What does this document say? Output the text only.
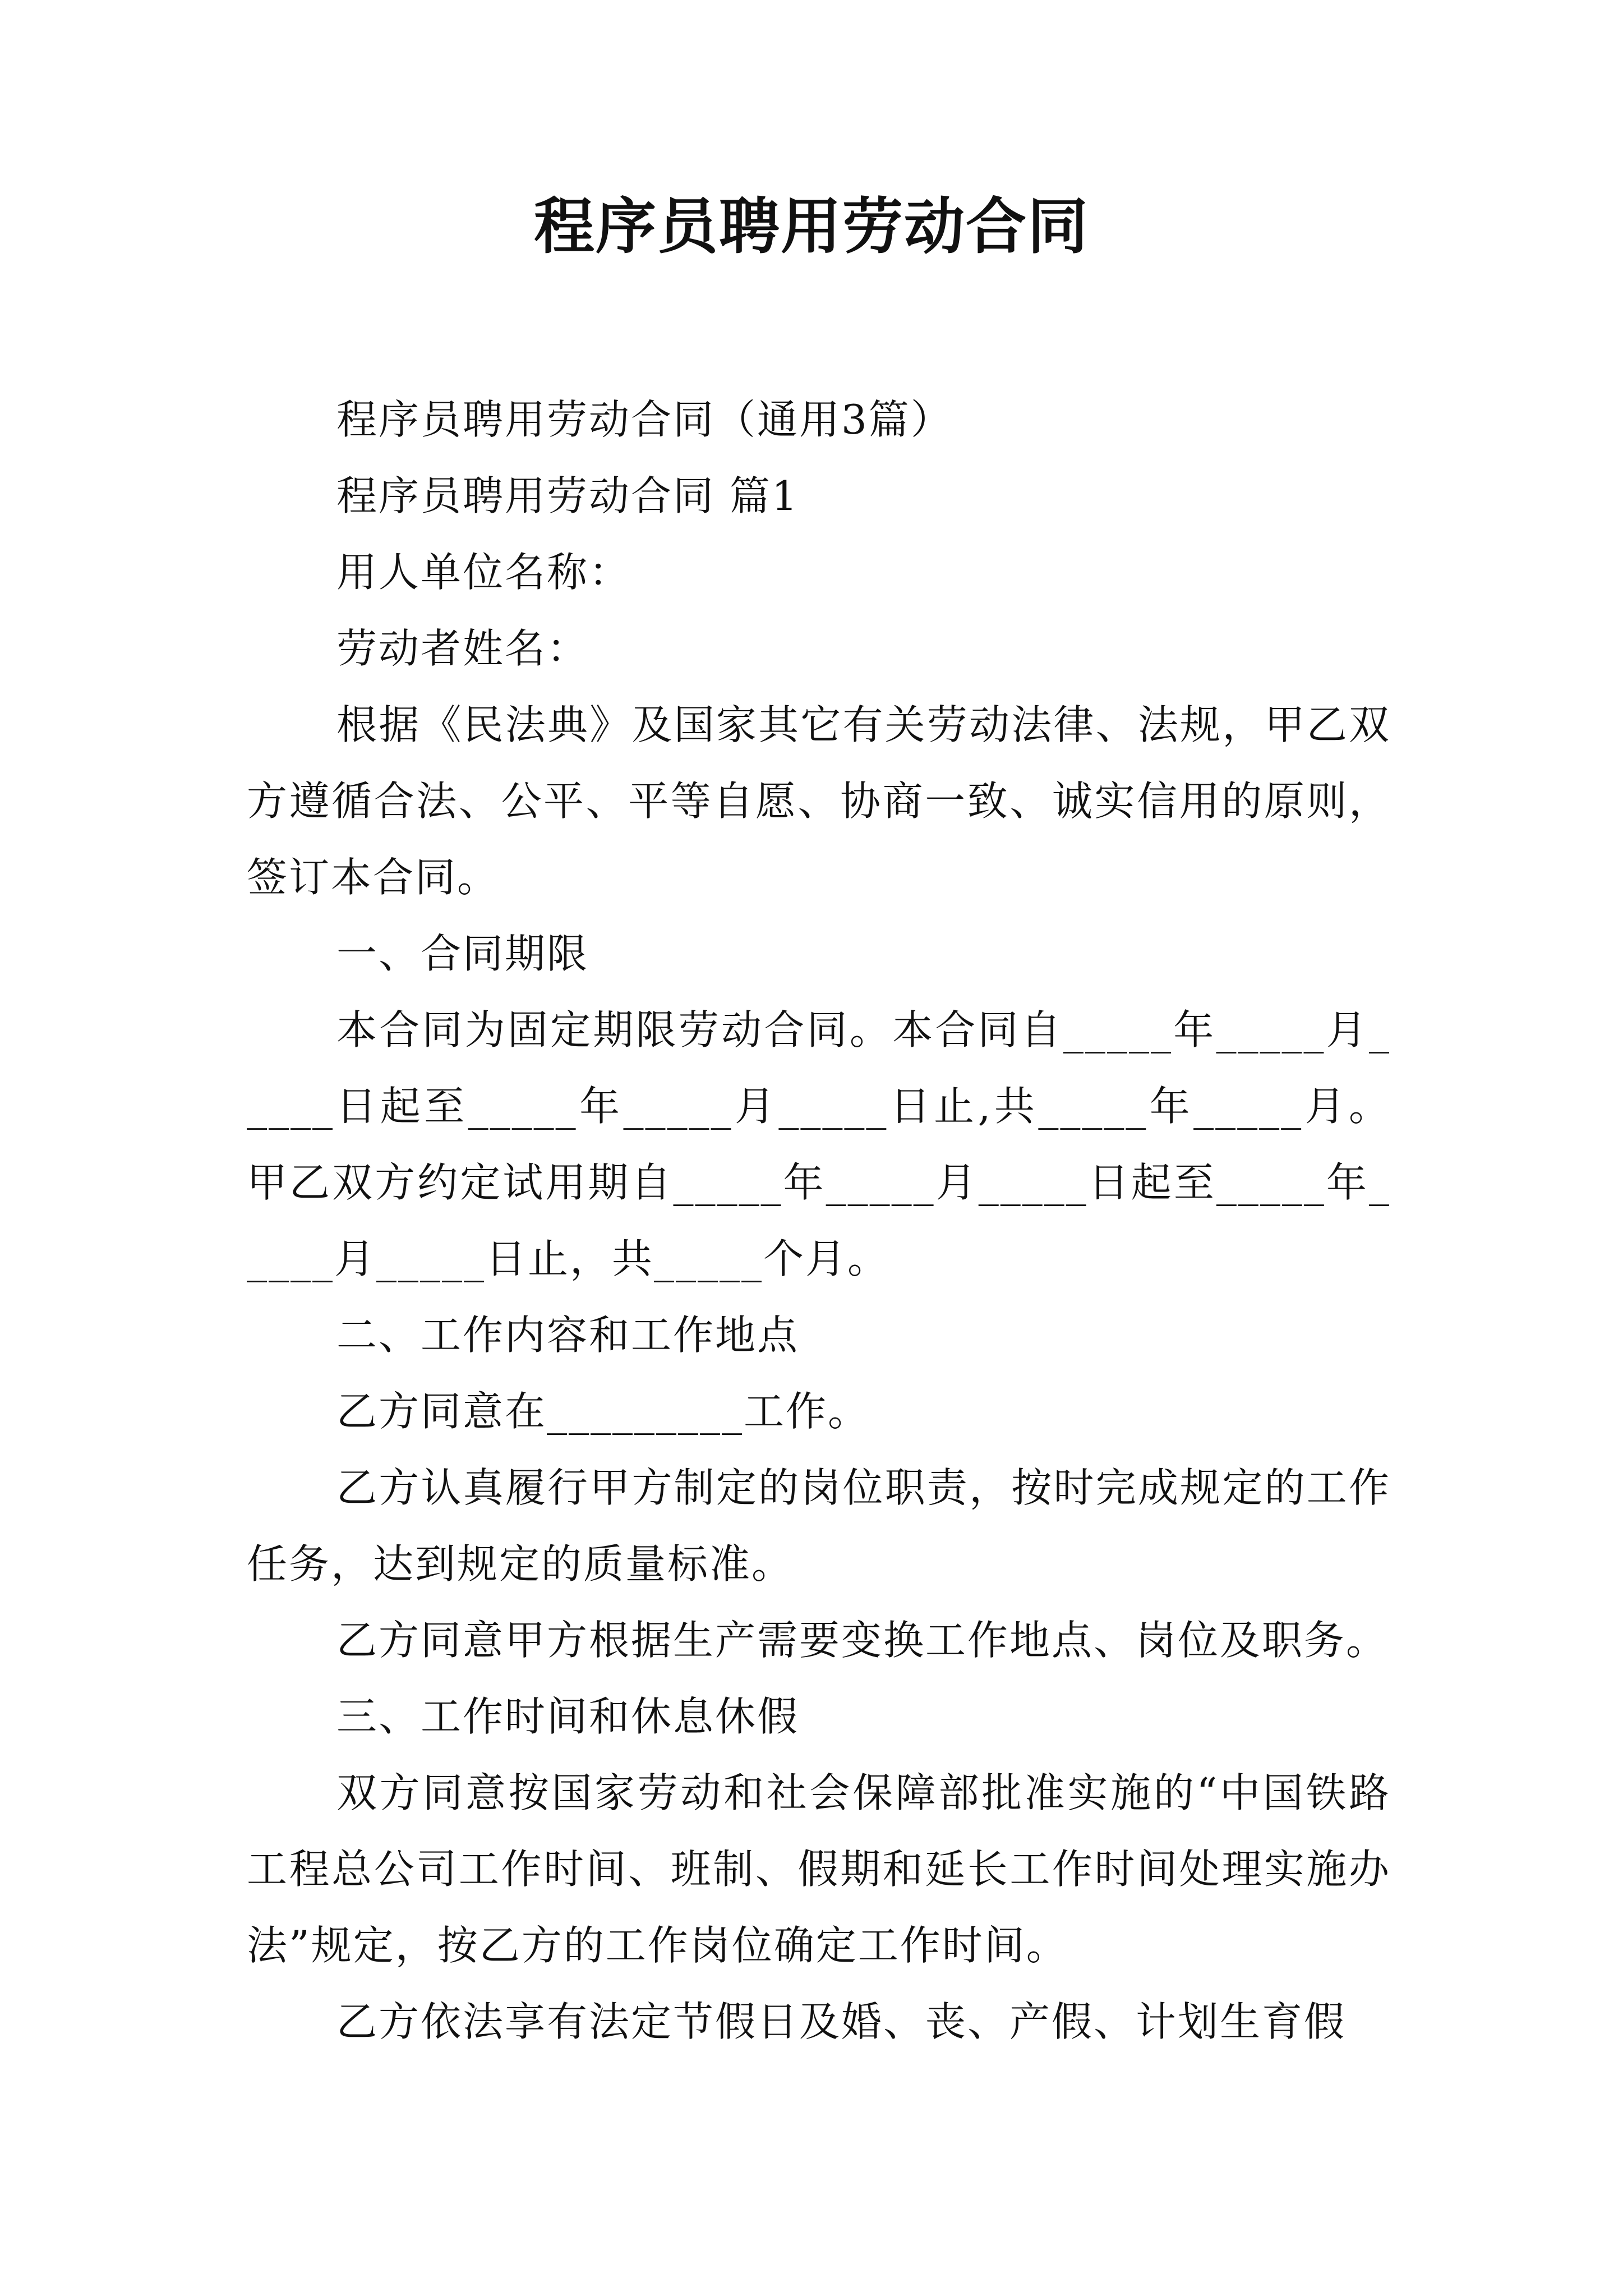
程序员聘用劳动合同

程序员聘用劳动合同（通用3篇）

程序员聘用劳动合同 篇1

用人单位名称：

劳动者姓名：

根据《民法典》及国家其它有关劳动法律、法规，甲乙双方遵循合法、公平、平等自愿、协商一致、诚实信用的原则，签订本合同。

一、合同期限

本合同为固定期限劳动合同。本合同自_____年_____月_____日起至_____年_____月_____日止,共_____年_____月。甲乙双方约定试用期自_____年_____月_____日起至_____年_____月_____日止，共_____个月。

二、工作内容和工作地点

乙方同意在_________工作。

乙方认真履行甲方制定的岗位职责，按时完成规定的工作任务，达到规定的质量标准。

乙方同意甲方根据生产需要变换工作地点、岗位及职务。

三、工作时间和休息休假

双方同意按国家劳动和社会保障部批准实施的“中国铁路工程总公司工作时间、班制、假期和延长工作时间处理实施办法”规定，按乙方的工作岗位确定工作时间。

乙方依法享有法定节假日及婚、丧、产假、计划生育假
